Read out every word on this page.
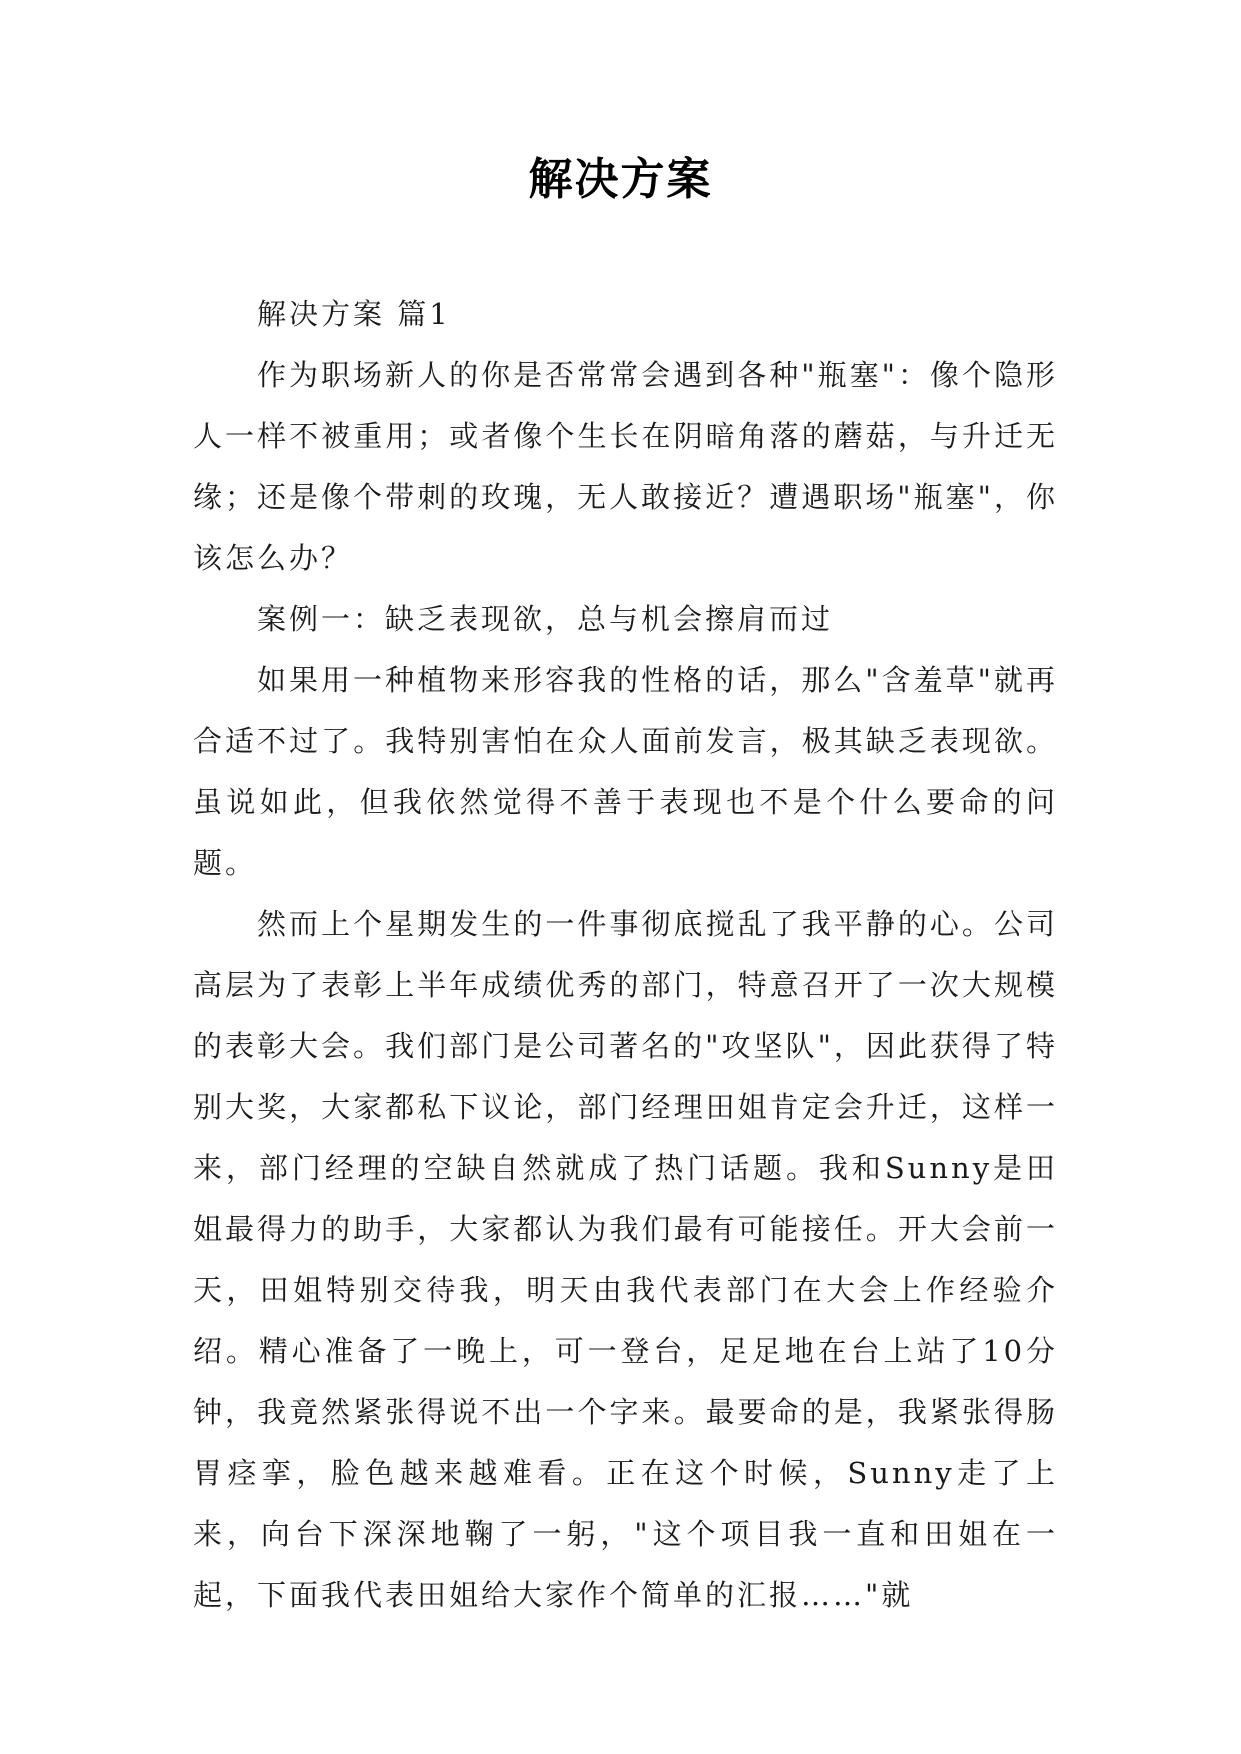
解决方案

解决方案 篇1

作为职场新人的你是否常常会遇到各种"瓶塞"：像个隐形人一样不被重用；或者像个生长在阴暗角落的蘑菇，与升迁无缘；还是像个带刺的玫瑰，无人敢接近？遭遇职场"瓶塞"，你该怎么办？

案例一：缺乏表现欲，总与机会擦肩而过

如果用一种植物来形容我的性格的话，那么"含羞草"就再合适不过了。我特别害怕在众人面前发言，极其缺乏表现欲。虽说如此，但我依然觉得不善于表现也不是个什么要命的问题。

然而上个星期发生的一件事彻底搅乱了我平静的心。公司高层为了表彰上半年成绩优秀的部门，特意召开了一次大规模的表彰大会。我们部门是公司著名的"攻坚队"，因此获得了特别大奖，大家都私下议论，部门经理田姐肯定会升迁，这样一来，部门经理的空缺自然就成了热门话题。我和Sunny是田姐最得力的助手，大家都认为我们最有可能接任。开大会前一天，田姐特别交待我，明天由我代表部门在大会上作经验介绍。精心准备了一晚上，可一登台，足足地在台上站了10分钟，我竟然紧张得说不出一个字来。最要命的是，我紧张得肠胃痉挛，脸色越来越难看。正在这个时候，Sunny走了上来，向台下深深地鞠了一躬，"这个项目我一直和田姐在一起，下面我代表田姐给大家作个简单的汇报……"就
